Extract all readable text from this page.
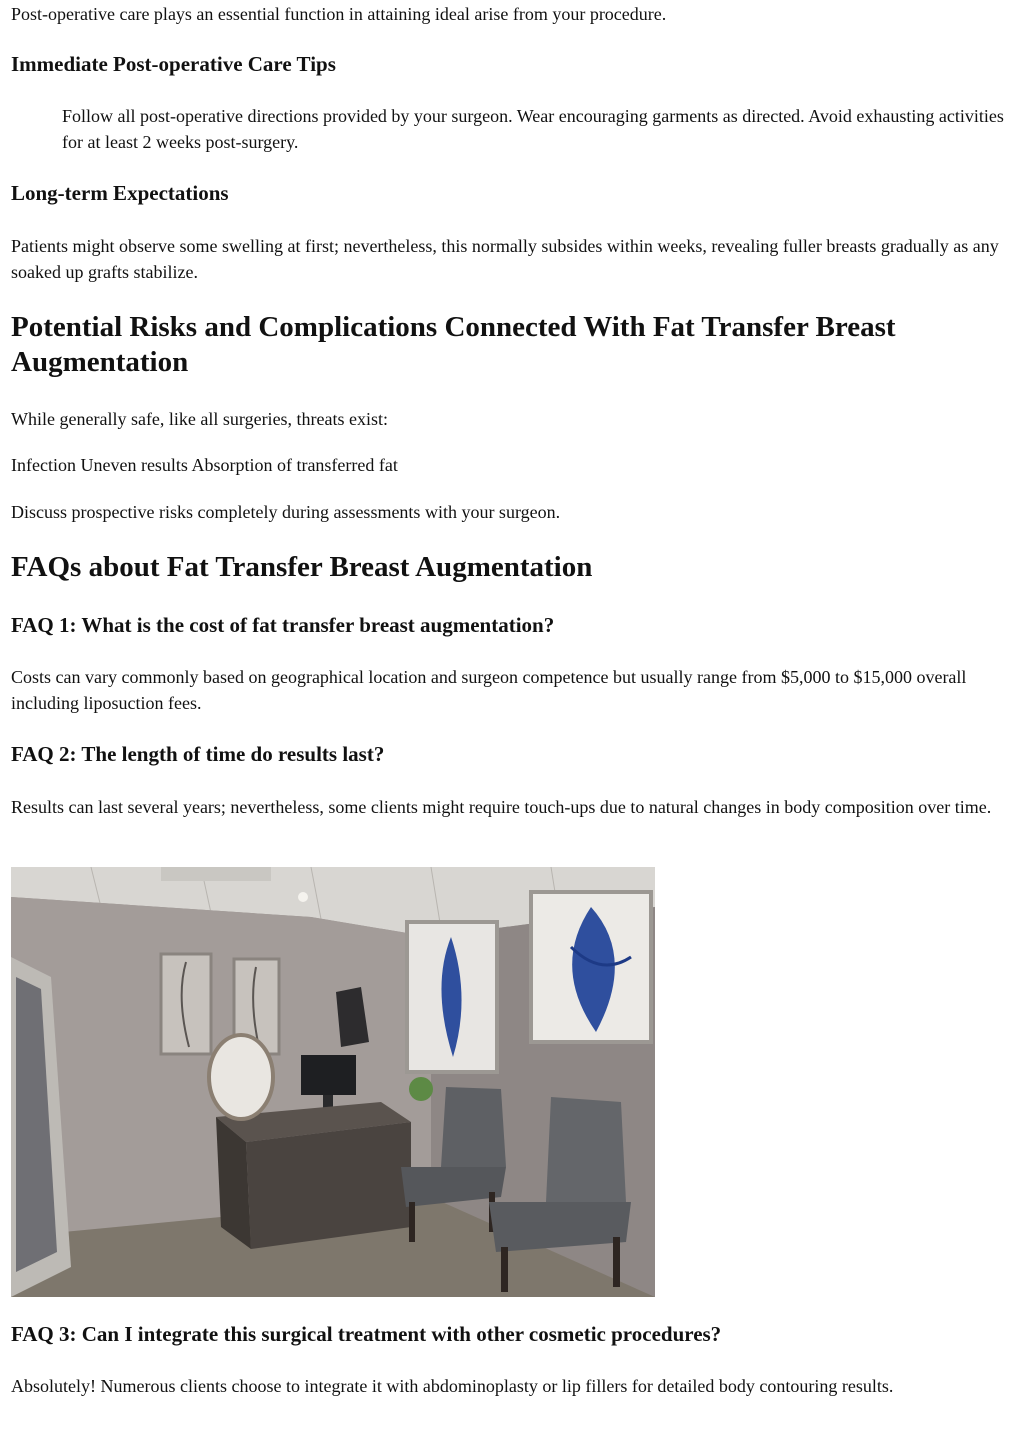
Post-operative care plays an essential function in attaining ideal arise from your procedure.

Immediate Post-operative Care Tips

Follow all post-operative directions provided by your surgeon. Wear encouraging garments as directed. Avoid exhausting activities for at least 2 weeks post-surgery.

Long-term Expectations

Patients might observe some swelling at first; nevertheless, this normally subsides within weeks, revealing fuller breasts gradually as any soaked up grafts stabilize.

Potential Risks and Complications Connected With Fat Transfer Breast Augmentation

While generally safe, like all surgeries, threats exist:

Infection Uneven results Absorption of transferred fat

Discuss prospective risks completely during assessments with your surgeon.

FAQs about Fat Transfer Breast Augmentation
FAQ 1: What is the cost of fat transfer breast augmentation?

Costs can vary commonly based on geographical location and surgeon competence but usually range from $5,000 to $15,000 overall including liposuction fees.

FAQ 2: The length of time do results last?

Results can last several years; nevertheless, some clients might require touch-ups due to natural changes in body composition over time.

FAQ 3: Can I integrate this surgical treatment with other cosmetic procedures?

Absolutely! Numerous clients choose to integrate it with abdominoplasty or lip fillers for detailed body contouring results.
